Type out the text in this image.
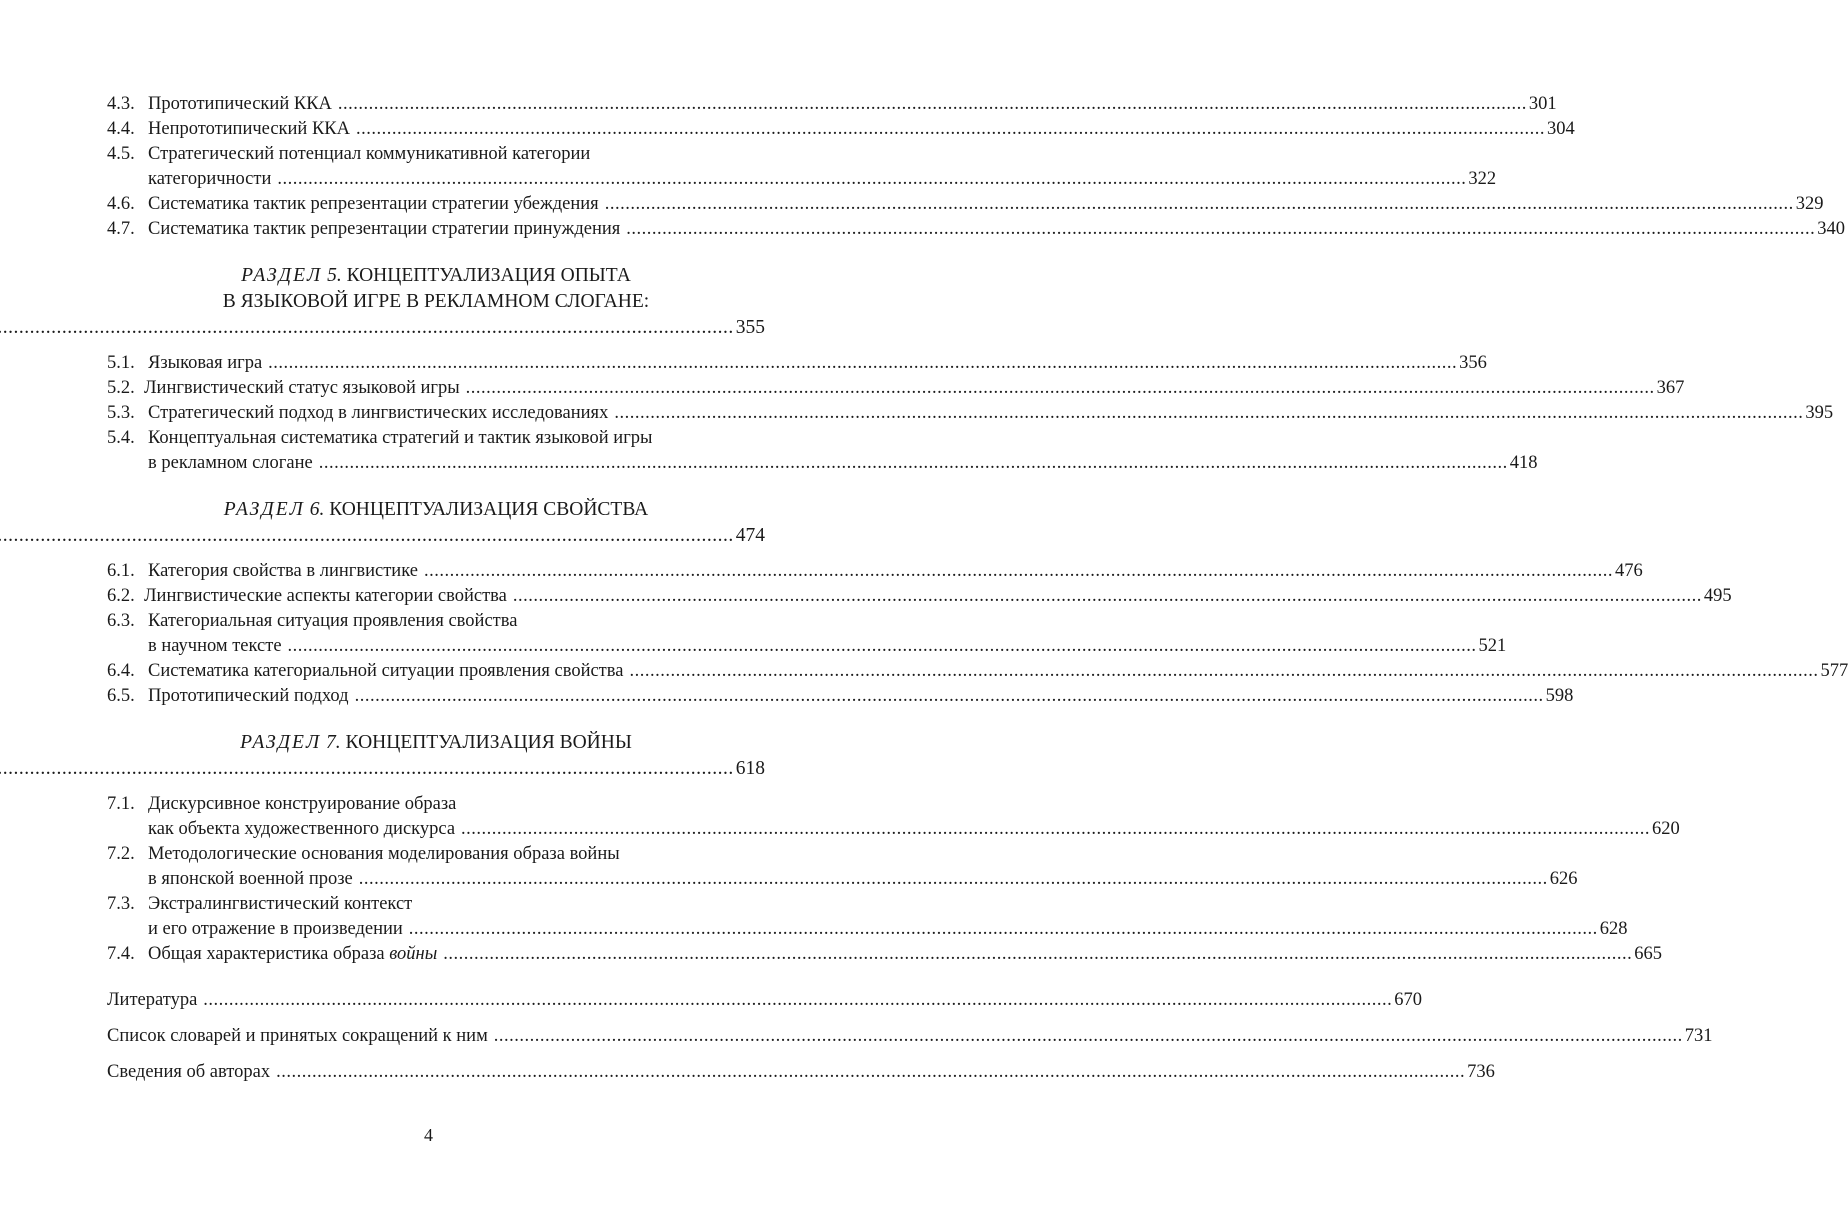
4.3. Прототипический ККА .....	301
4.4. Непрототипический ККА .....	304
4.5. Стратегический потенциал коммуникативной категории
категоричности .....	322
4.6. Систематика тактик репрезентации стратегии убеждения .....	329
4.7. Систематика тактик репрезентации стратегии принуждения .....	340
РАЗДЕЛ 5. КОНЦЕПТУАЛИЗАЦИЯ ОПЫТА
В ЯЗЫКОВОЙ ИГРЕ В РЕКЛАМНОМ СЛОГАНЕ:
.....
355
5.1. Языковая игра .....	356
5.2. Лингвистический статус языковой игры .....	367
5.3. Стратегический подход в лингвистических исследованиях .....	395
5.4. Концептуальная систематика стратегий и тактик языковой игры
в рекламном слогане .....	418
РАЗДЕЛ 6. КОНЦЕПТУАЛИЗАЦИЯ СВОЙСТВА
.....
474
6.1. Категория свойства в лингвистике .....	476
6.2. Лингвистические аспекты категории свойства .....	495
6.3. Категориальная ситуация проявления свойства
в научном тексте .....	521
6.4. Систематика категориальной ситуации проявления свойства .....	577
6.5. Прототипический подход .....	598
РАЗДЕЛ 7. КОНЦЕПТУАЛИЗАЦИЯ ВОЙНЫ
.....
618
7.1. Дискурсивное конструирование образа
как объекта художественного дискурса .....	620
7.2. Методологические основания моделирования образа войны
в японской военной прозе .....	626
7.3. Экстралингвистический контекст
и его отражение в произведении .....	628
7.4. Общая характеристика образа войны .....	665
Литература .....	670
Список словарей и принятых сокращений к ним .....	731
Сведения об авторах .....	736
4
